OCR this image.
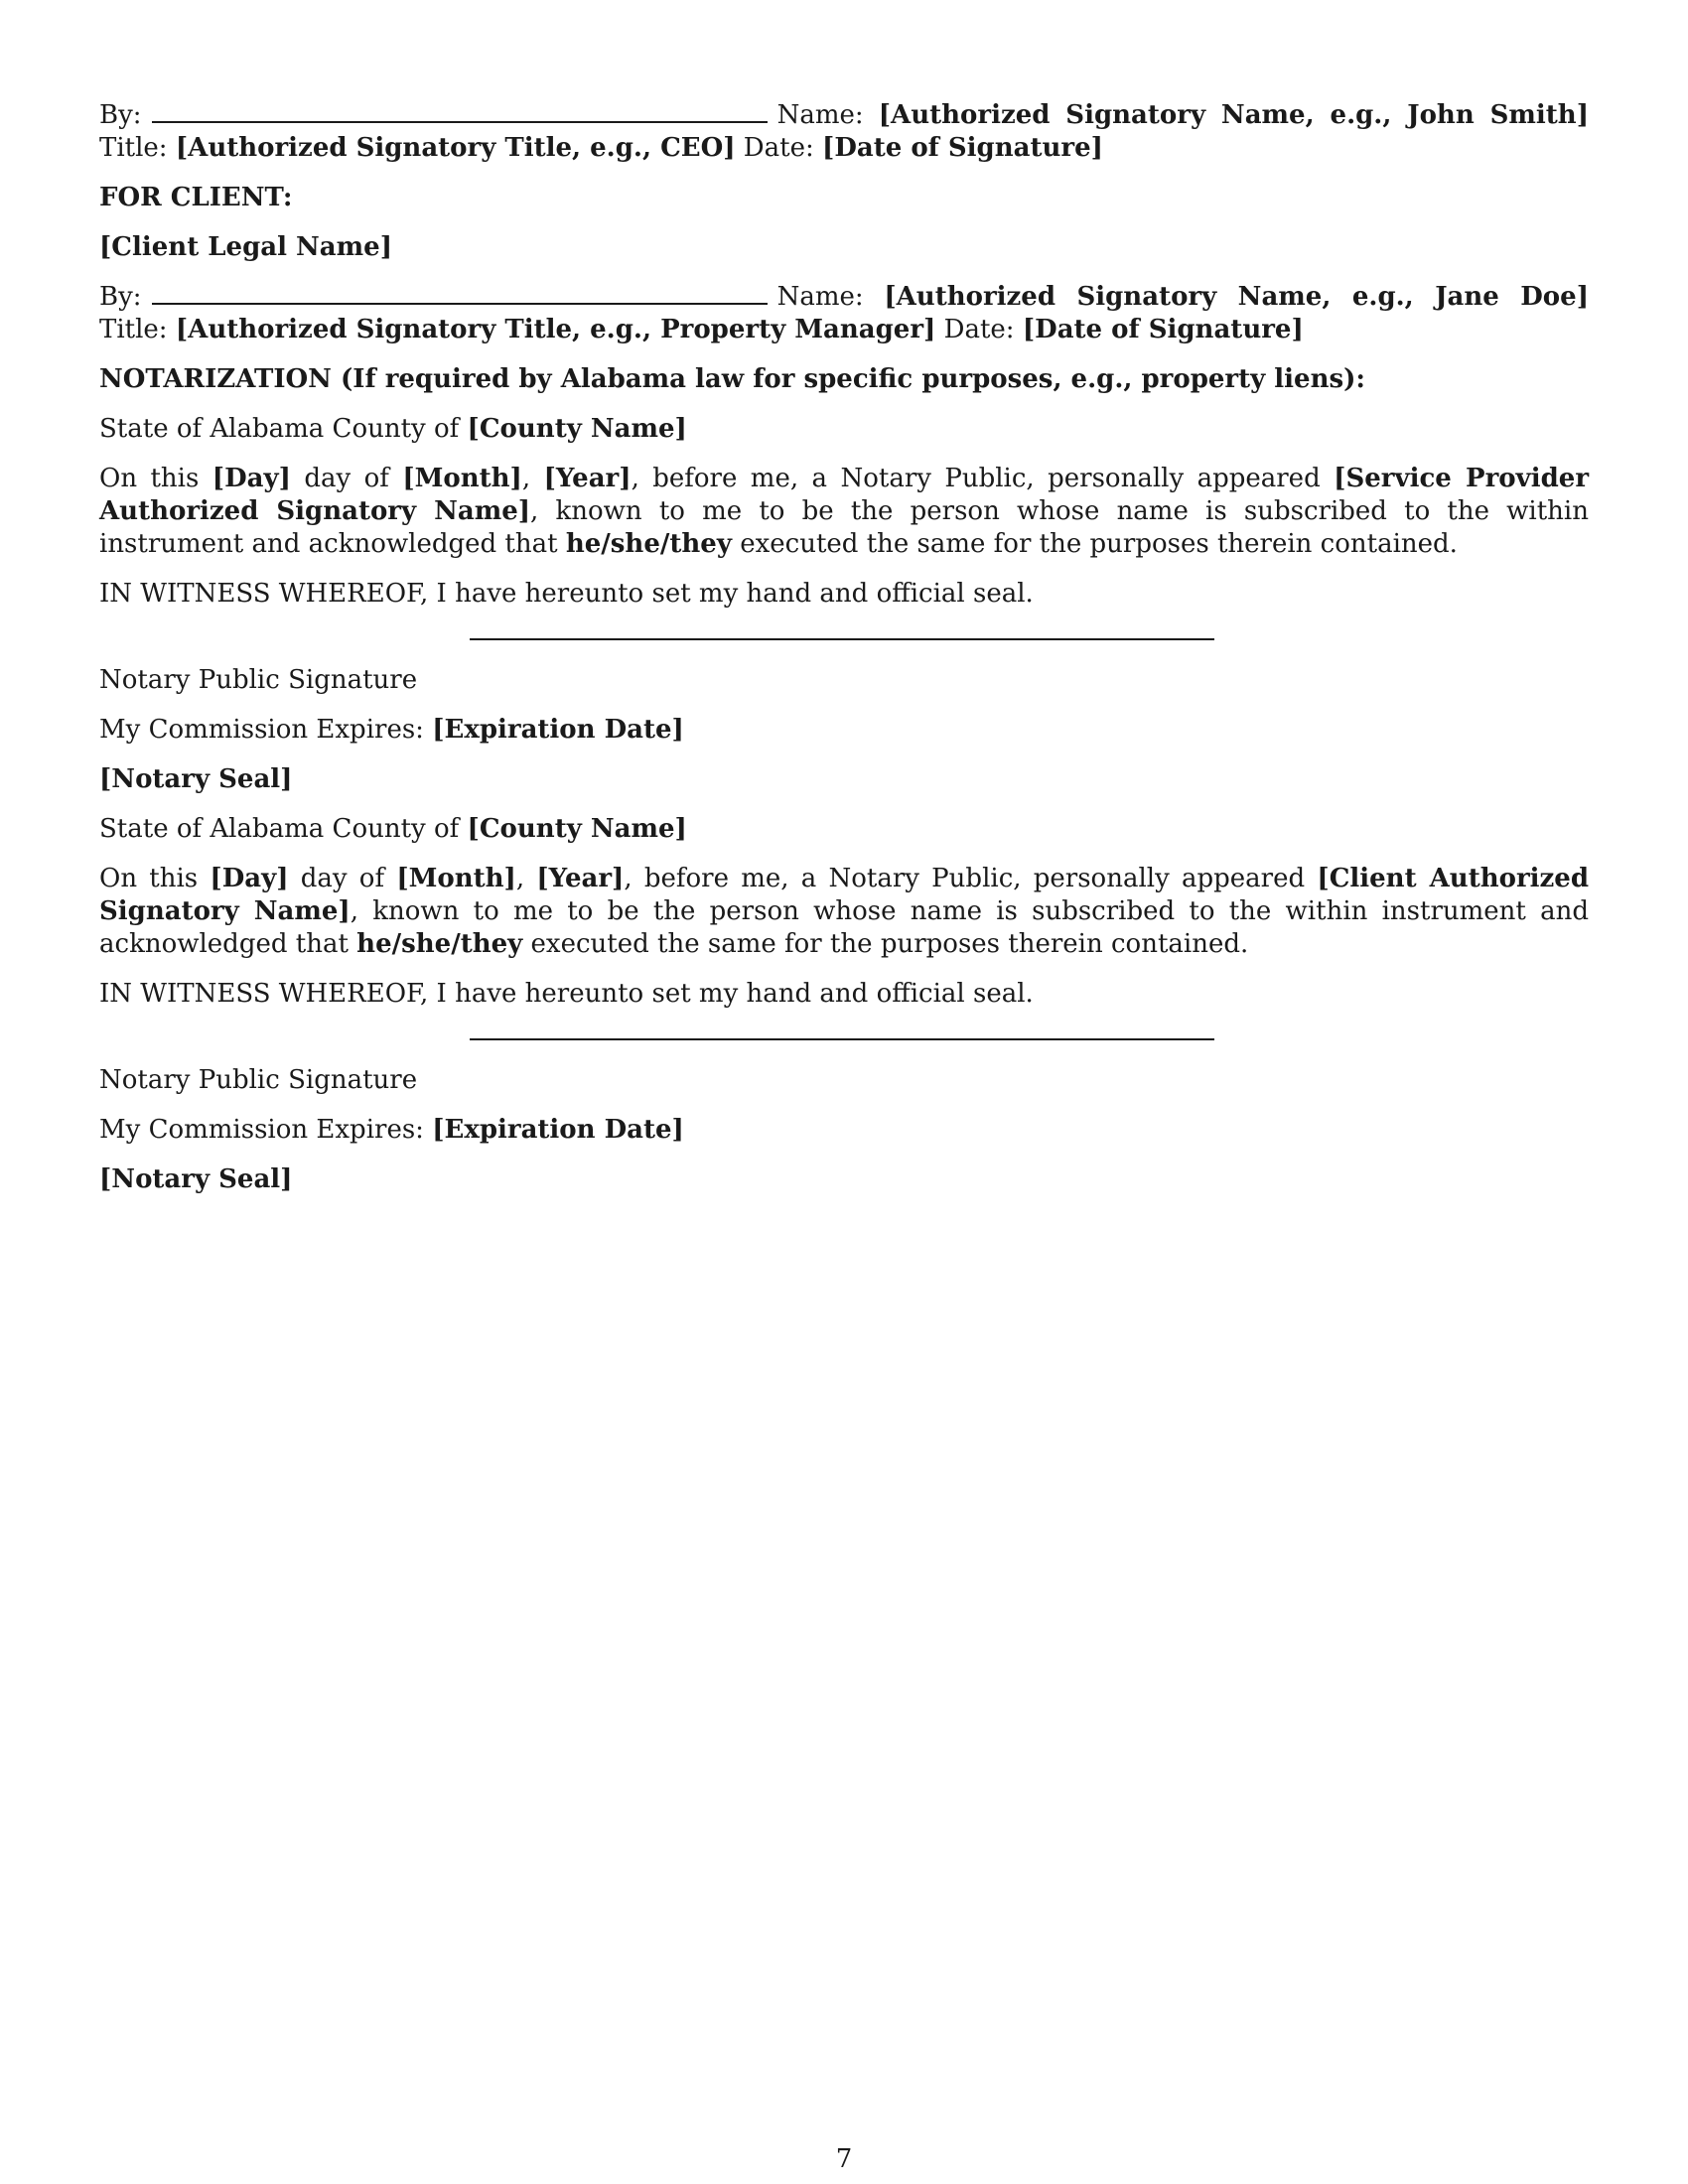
By:	Name: [Authorized Signatory Name, e.g., John Smith] Title: [Authorized Signatory Title, e.g., CEO] Date: [Date of Signature]

FOR CLIENT:

[Client Legal Name]

By:	Name: [Authorized Signatory Name, e.g., Jane Doe] Title: [Authorized Signatory Title, e.g., Property Manager] Date: [Date of Signature]

NOTARIZATION (If required by Alabama law for specific purposes, e.g., property liens):

State of Alabama County of [County Name]

On this [Day] day of [Month], [Year], before me, a Notary Public, personally appeared [Service Provider Authorized Signatory Name], known to me to be the person whose name is subscribed to the within instrument and acknowledged that he/she/they executed the same for the purposes therein contained.

IN WITNESS WHEREOF, I have hereunto set my hand and official seal.

Notary Public Signature

My Commission Expires: [Expiration Date]

[Notary Seal]

State of Alabama County of [County Name]

On this [Day] day of [Month], [Year], before me, a Notary Public, personally appeared [Client Authorized Signatory Name], known to me to be the person whose name is subscribed to the within instrument and acknowledged that he/she/they executed the same for the purposes therein contained.

IN WITNESS WHEREOF, I have hereunto set my hand and official seal.

Notary Public Signature

My Commission Expires: [Expiration Date]

[Notary Seal]

7
